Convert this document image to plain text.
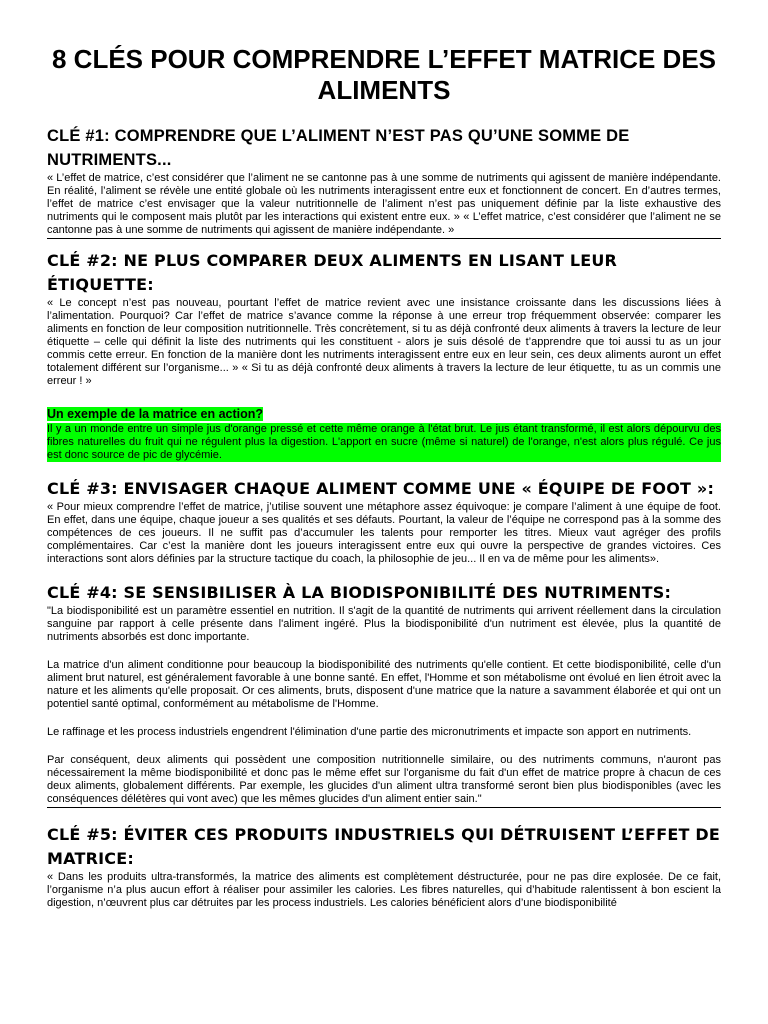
8 CLÉS POUR COMPRENDRE L’EFFET MATRICE DES ALIMENTS
CLÉ #1: COMPRENDRE QUE L’ALIMENT N’EST PAS QU’UNE SOMME DE NUTRIMENTS...

« L’effet de matrice, c’est considérer que l’aliment ne se cantonne pas à une somme de nutriments qui agissent de manière indépendante. En réalité, l’aliment se révèle une entité globale où les nutriments interagissent entre eux et fonctionnent de concert. En d’autres termes, l’effet de matrice c’est envisager que la valeur nutritionnelle de l’aliment n’est pas uniquement définie par la liste exhaustive des nutriments qui le composent mais plutôt par les interactions qui existent entre eux. » « L’effet matrice, c’est considérer que l’aliment ne se cantonne pas à une somme de nutriments qui agissent de manière indépendante. »

CLÉ #2: NE PLUS COMPARER DEUX ALIMENTS EN LISANT LEUR ÉTIQUETTE:

« Le concept n’est pas nouveau, pourtant l’effet de matrice revient avec une insistance croissante dans les discussions liées à l’alimentation. Pourquoi? Car l’effet de matrice s’avance comme la réponse à une erreur trop fréquemment observée: comparer les aliments en fonction de leur composition nutritionnelle. Très concrètement, si tu as déjà confronté deux aliments à travers la lecture de leur étiquette – celle qui définit la liste des nutriments qui les constituent - alors je suis désolé de t’apprendre que toi aussi tu as un jour commis cette erreur. En fonction de la manière dont les nutriments interagissent entre eux en leur sein, ces deux aliments auront un effet totalement différent sur l’organisme... » « Si tu as déjà confronté deux aliments à travers la lecture de leur étiquette, tu as un commis une erreur ! »

Un exemple de la matrice en action?

Il y a un monde entre un simple jus d'orange pressé et cette même orange à l'état brut. Le jus étant transformé, il est alors dépourvu des fibres naturelles du fruit qui ne régulent plus la digestion. L'apport en sucre (même si naturel) de l'orange, n'est alors plus régulé. Ce jus est donc source de pic de glycémie.

CLÉ #3: ENVISAGER CHAQUE ALIMENT COMME UNE « ÉQUIPE DE FOOT »:

« Pour mieux comprendre l’effet de matrice, j’utilise souvent une métaphore assez équivoque: je compare l’aliment à une équipe de foot. En effet, dans une équipe, chaque joueur a ses qualités et ses défauts. Pourtant, la valeur de l’équipe ne correspond pas à la somme des compétences de ces joueurs. Il ne suffit pas d’accumuler les talents pour remporter les titres. Mieux vaut agréger des profils complémentaires. Car c’est la manière dont les joueurs interagissent entre eux qui ouvre la perspective de grandes victoires. Ces interactions sont alors définies par la structure tactique du coach, la philosophie de jeu... Il en va de même pour les aliments».

CLÉ #4: SE SENSIBILISER À LA BIODISPONIBILITÉ DES NUTRIMENTS:

"La biodisponibilité est un paramètre essentiel en nutrition. Il s'agit de la quantité de nutriments qui arrivent réellement dans la circulation sanguine par rapport à celle présente dans l'aliment ingéré. Plus la biodisponibilité d'un nutriment est élevée, plus la quantité de nutriments absorbés est donc importante.

La matrice d'un aliment conditionne pour beaucoup la biodisponibilité des nutriments qu'elle contient. Et cette biodisponibilité, celle d'un aliment brut naturel, est généralement favorable à une bonne santé. En effet, l'Homme et son métabolisme ont évolué en lien étroit avec la nature et les aliments qu'elle proposait. Or ces aliments, bruts, disposent d'une matrice que la nature a savamment élaborée et qui ont un potentiel santé optimal, conformément au métabolisme de l'Homme.

Le raffinage et les process industriels engendrent l'élimination d'une partie des micronutriments et impacte son apport en nutriments.

Par conséquent, deux aliments qui possèdent une composition nutritionnelle similaire, ou des nutriments communs, n'auront pas nécessairement la même biodisponibilité et donc pas le même effet sur l'organisme du fait d'un effet de matrice propre à chacun de ces deux aliments, globalement différents. Par exemple, les glucides d'un aliment ultra transformé seront bien plus biodisponibles (avec les conséquences délétères qui vont avec) que les mêmes glucides d'un aliment entier sain."

CLÉ #5: ÉVITER CES PRODUITS INDUSTRIELS QUI DÉTRUISENT L’EFFET DE MATRICE:

« Dans les produits ultra-transformés, la matrice des aliments est complètement déstructurée, pour ne pas dire explosée. De ce fait, l’organisme n’a plus aucun effort à réaliser pour assimiler les calories. Les fibres naturelles, qui d’habitude ralentissent à bon escient la digestion, n’œuvrent plus car détruites par les process industriels. Les calories bénéficient alors d’une biodisponibilité
